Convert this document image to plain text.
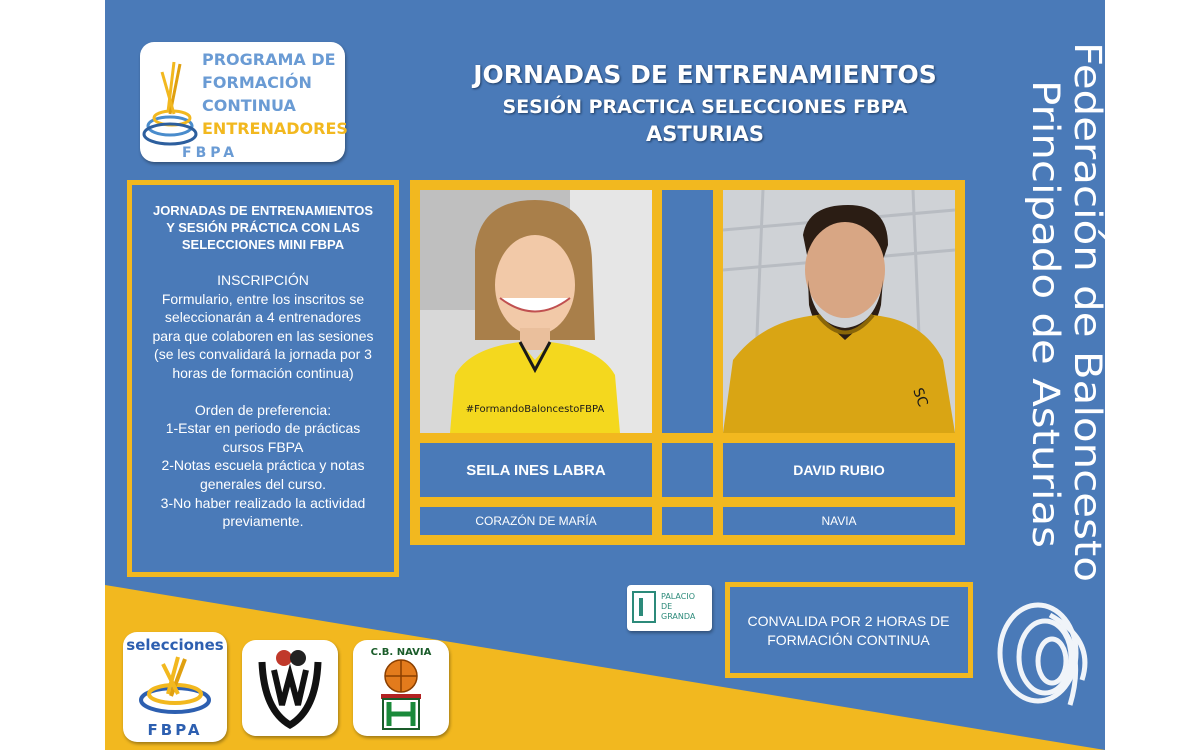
PROGRAMA DE
FORMACIÓN
CONTINUA
ENTRENADORES
FBPA
JORNADAS DE ENTRENAMIENTOS
SESIÓN PRACTICA SELECCIONES FBPA
ASTURIAS
JORNADAS DE ENTRENAMIENTOS
Y SESIÓN PRÁCTICA CON LAS
SELECCIONES MINI FBPA
INSCRIPCIÓN
Formulario, entre los inscritos se
seleccionarán a 4 entrenadores
para que colaboren en las sesiones
(se les convalidará la jornada por 3
horas de formación continua)
Orden de preferencia:
1-Estar en periodo de prácticas
cursos FBPA
2-Notas escuela práctica y notas
generales del curso.
3-No haber realizado la actividad
previamente.
#FormandoBaloncestoFBPA
SC
SEILA INES LABRA	DAVID RUBIO
CORAZÓN DE MARÍA	NAVIA
Federación de Baloncesto
Principado de Asturias
PALACIO
DE
GRANDA	CONVALIDA POR 2 HORAS DE
FORMACIÓN CONTINUA
selecciones
FBPA
C.B. NAVIA
